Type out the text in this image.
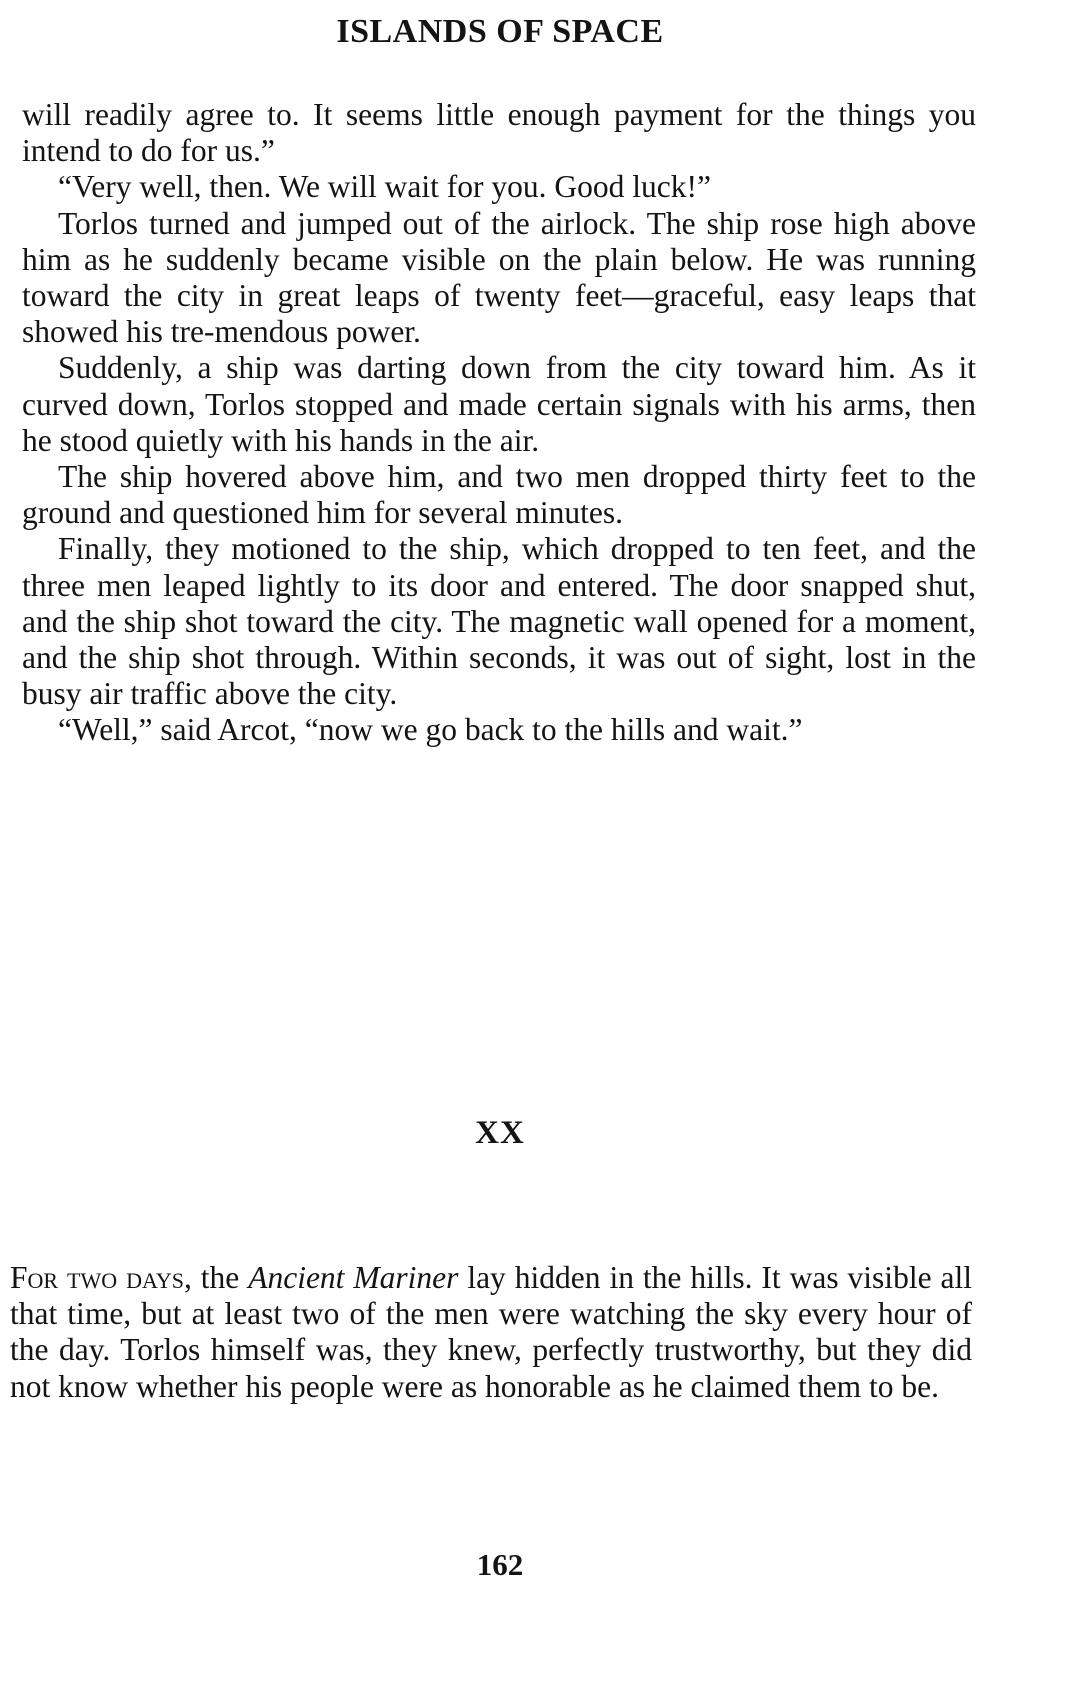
ISLANDS OF SPACE

will readily agree to. It seems little enough payment for the things you intend to do for us.”

“Very well, then. We will wait for you. Good luck!”

Torlos turned and jumped out of the airlock. The ship rose high above him as he suddenly became visible on the plain below. He was running toward the city in great leaps of twenty feet—graceful, easy leaps that showed his tre-mendous power.

Suddenly, a ship was darting down from the city toward him. As it curved down, Torlos stopped and made certain signals with his arms, then he stood quietly with his hands in the air.

The ship hovered above him, and two men dropped thirty feet to the ground and questioned him for several minutes.

Finally, they motioned to the ship, which dropped to ten feet, and the three men leaped lightly to its door and entered. The door snapped shut, and the ship shot toward the city. The magnetic wall opened for a moment, and the ship shot through. Within seconds, it was out of sight, lost in the busy air traffic above the city.

“Well,” said Arcot, “now we go back to the hills and wait.”

XX

For two days, the Ancient Mariner lay hidden in the hills. It was visible all that time, but at least two of the men were watching the sky every hour of the day. Torlos himself was, they knew, perfectly trustworthy, but they did not know whether his people were as honorable as he claimed them to be.

162
